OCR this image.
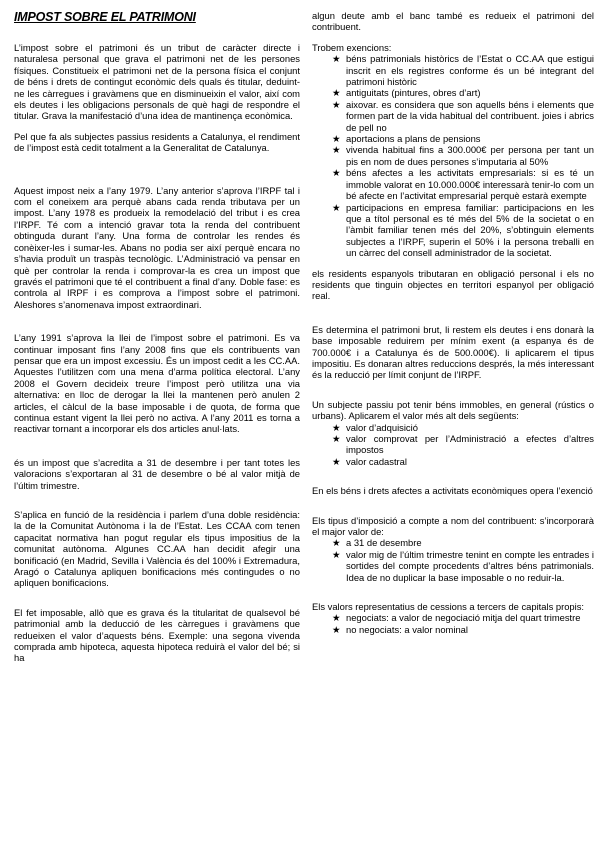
IMPOST SOBRE EL PATRIMONI

L’impost sobre el patrimoni és un tribut de caràcter directe i naturalesa personal que grava el patrimoni net de les persones físiques. Constitueix el patrimoni net de la persona física el conjunt de béns i drets de contingut econòmic dels quals és titular, deduint-ne les càrregues i gravàmens que en disminueixin el valor, així com els deutes i les obligacions personals de què hagi de respondre el titular. Grava la manifestació d’una idea de mantinença econòmica.

Pel que fa als subjectes passius residents a Catalunya, el rendiment de l’impost està cedit totalment a la Generalitat de Catalunya.

Aquest impost neix a l’any 1979. L’any anterior s’aprova l’IRPF tal i com el coneixem ara perquè abans cada renda tributava per un impost. L’any 1978 es produeix la remodelació del tribut i es crea l’IRPF. Té com a intenció gravar tota la renda del contribuent obtinguda durant l’any. Una forma de controlar les rendes és conèixer-les i sumar-les. Abans no podia ser així perquè encara no s’havia produït un traspàs tecnològic. L’Administració va pensar en què per controlar la renda i comprovar-la es crea un impost que gravés el patrimoni que té el contribuent a final d’any. Doble fase: es controla al IRPF i es comprova a l’impost sobre el patrimoni. Aleshores s’anomenava impost extraordinari.

L’any 1991 s’aprova la llei de l’impost sobre el patrimoni. Es va continuar imposant fins l’any 2008 fins que els contribuents van pensar que era un impost excessiu. És un impost cedit a les CC.AA. Aquestes l’utilitzen com una mena d’arma política electoral. L’any 2008 el Govern decideix treure l’impost però utilitza una via alternativa: en lloc de derogar la llei la mantenen però anulen 2 articles, el càlcul de la base imposable i de quota, de forma que continua estant vigent la llei però no activa. A l’any 2011 es torna a reactivar tornant a incorporar els dos articles anul·lats.

és un impost que s’acredita a 31 de desembre i per tant totes les valoracions s’exportaran al 31 de desembre o bé al valor mitjà de l’últim trimestre.

S’aplica en funció de la residència i parlem d’una doble residència: la de la Comunitat Autònoma i la de l’Estat. Les CCAA com tenen capacitat normativa han pogut regular els tipus impositius de la comunitat autònoma. Algunes CC.AA han decidit afegir una bonificació (en Madrid, Sevilla i València és del 100% i Extremadura, Aragó o Catalunya apliquen bonificacions més contingudes o no apliquen bonificacions.

El fet imposable, allò que es grava és la titularitat de qualsevol bé patrimonial amb la deducció de les càrregues i gravàmens que redueixen el valor d’aquests béns. Exemple: una segona vivenda comprada amb hipoteca, aquesta hipoteca reduirà el valor del bé; si ha

algun deute amb el banc també es redueix el patrimoni del contribuent.

Trobem exencions:

★ béns patrimonials històrics de l’Estat o CC.AA que estigui inscrit en els registres conforme és un bé integrant del patrimoni històric
★ antiguitats (pintures, obres d’art)
★ aixovar. es considera que son aquells béns i elements que formen part de la vida habitual del contribuent. joies i abrics de pell no
★ aportacions a plans de pensions
★ vivenda habitual fins a 300.000€ per persona per tant un pis en nom de dues persones s’imputaria al 50%
★ béns afectes a les activitats empresarials: si es té un immoble valorat en 10.000.000€ interessarà tenir-lo com un bé afecte en l’activitat empresarial perquè estarà exempte
★ participacions en empresa familiar: participacions en les que a títol personal es té més del 5% de la societat o en l’àmbit familiar tenen més del 20%, s’obtinguin elements subjectes a l’IRPF, superin el 50% i la persona treballi en un càrrec del consell administrador de la societat.

els residents espanyols tributaran en obligació personal i els no residents que tinguin objectes en territori espanyol per obligació real.

Es determina el patrimoni brut, li restem els deutes i ens donarà la base imposable reduirem per mínim exent (a espanya és de 700.000€ i a Catalunya és de 500.000€). li aplicarem el tipus impositiu. Es donaran altres reduccions després, la més interessant és la reducció per límit conjunt de l’IRPF.

Un subjecte passiu pot tenir béns immobles, en general (rústics o urbans). Aplicarem el valor més alt dels següents:

★ valor d’adquisició
★ valor comprovat per l’Administració a efectes d’altres impostos
★ valor cadastral

En els béns i drets afectes a activitats econòmiques opera l’exenció

Els tipus d’imposició a compte a nom del contribuent: s’incorporarà el major valor de:

★ a 31 de desembre
★ valor mig de l’últim trimestre tenint en compte les entrades i sortides del compte procedents d’altres béns patrimonials. Idea de no duplicar la base imposable o no reduir-la.

Els valors representatius de cessions a tercers de capitals propis:

★ negociats: a valor de negociació mitja del quart trimestre
★ no negociats: a valor nominal
